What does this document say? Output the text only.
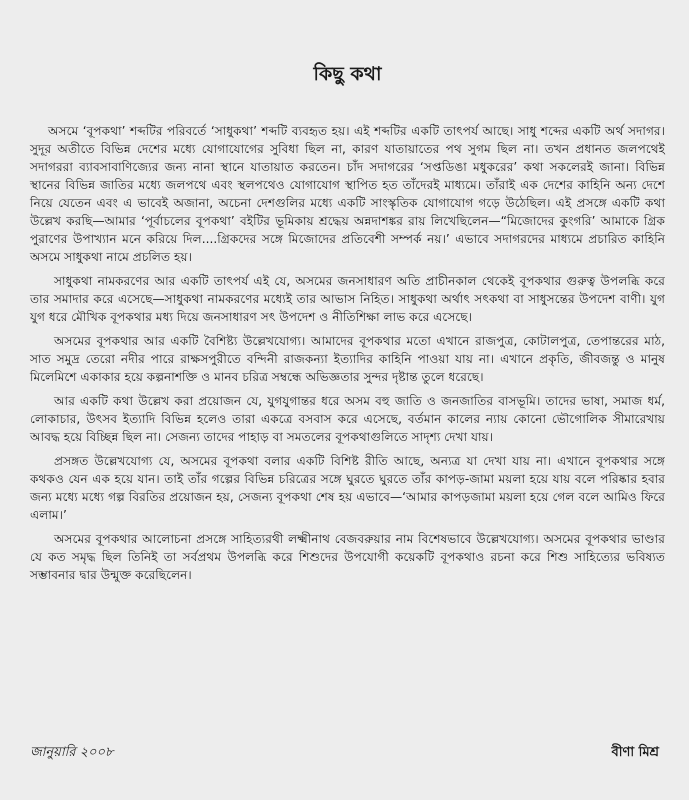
কিছু কথা

অসমে ‘বূপকথা’ শব্দটির পরিবর্তে ‘সাধুকথা’ শব্দটি ব্যবহৃত হয়। এই শব্দটির একটি তাৎপর্য আছে। সাধু শব্দের একটি অর্থ সদাগর। সুদূর অতীতে বিভিন্ন দেশের মধ্যে যোগাযোগের সুবিধা ছিল না, কারণ যাতায়াতের পথ সুগম ছিল না। তখন প্রধানত জলপথেই সদাগররা ব্যাবসাবাণিজ্যের জন্য নানা স্থানে যাতায়াত করতেন। চাঁদ সদাগরের ‘সপ্তডিঙা মধুকরের’ কথা সকলেরই জানা। বিভিন্ন স্থানের বিভিন্ন জাতির মধ্যে জলপথে এবং স্থলপথেও যোগাযোগ স্থাপিত হত তাঁদেরই মাধ্যমে। তাঁরাই এক দেশের কাহিনি অন্য দেশে নিয়ে যেতেন এবং এ ভাবেই অজানা, অচেনা দেশগুলির মধ্যে একটি সাংস্কৃতিক যোগাযোগ গড়ে উঠেছিল। এই প্রসঙ্গে একটি কথা উল্লেখ করছি—আমার ‘পূর্বাচলের বূপকথা’ বইটির ভূমিকায় শ্রদ্ধেয় অন্নদাশঙ্কর রায় লিখেছিলেন—“মিজোদের কুংগরি’ আমাকে গ্রিক পুরাণের উপাখ্যান মনে করিয়ে দিল....গ্রিকদের সঙ্গে মিজোদের প্রতিবেশী সম্পর্ক নয়।’ এভাবে সদাগরদের মাধ্যমে প্রচারিত কাহিনি অসমে সাধুকথা নামে প্রচলিত হয়।

সাধুকথা নামকরণের আর একটি তাৎপর্য এই যে, অসমের জনসাধারণ অতি প্রাচীনকাল থেকেই বূপকথার গুরুত্ব উপলব্ধি করে তার সমাদার করে এসেছে—সাধুকথা নামকরণের মধ্যেই তার আভাস নিহিত। সাধুকথা অর্থাৎ সৎকথা বা সাধুসন্তের উপদেশ বাণী। যুগ যুগ ধরে মৌখিক বূপকথার মধ্য দিয়ে জনসাধারণ সৎ উপদেশ ও নীতিশিক্ষা লাভ করে এসেছে।

অসমের বূপকথার আর একটি বৈশিষ্ট্য উল্লেখযোগ্য। আমাদের বূপকথার মতো এখানে রাজপুত্র, কোটালপুত্র, তেপান্তরের মাঠ, সাত সমুদ্র তেরো নদীর পারে রাক্ষসপুরীতে বন্দিনী রাজকন্যা ইত্যাদির কাহিনি পাওয়া যায় না। এখানে প্রকৃতি, জীবজন্তু ও মানুষ মিলেমিশে একাকার হয়ে কল্পনাশক্তি ও মানব চরিত্র সম্বন্ধে অভিজ্ঞতার সুন্দর দৃষ্টান্ত তুলে ধরেছে।

আর একটি কথা উল্লেখ করা প্রয়োজন যে, যুগযুগান্তর ধরে অসম বহু জাতি ও জনজাতির বাসভূমি। তাদের ভাষা, সমাজ ধর্ম, লোকাচার, উৎসব ইত্যাদি বিভিন্ন হলেও তারা একত্রে বসবাস করে এসেছে, বর্তমান কালের ন্যায় কোনো ভৌগোলিক সীমারেখায় আবদ্ধ হয়ে বিচ্ছিন্ন ছিল না। সেজন্য তাদের পাহাড় বা সমতলের বূপকথাগুলিতে সাদৃশ্য দেখা যায়।

প্রসঙ্গত উল্লেখযোগ্য যে, অসমের বূপকথা বলার একটি বিশিষ্ট রীতি আছে, অন্যত্র যা দেখা যায় না। এখানে বূপকথার সঙ্গে কথকও যেন এক হয়ে যান। তাই তাঁর গল্পের বিভিন্ন চরিত্রের সঙ্গে ঘুরতে ঘুরতে তাঁর কাপড়-জামা ময়লা হয়ে যায় বলে পরিষ্কার হবার জন্য মধ্যে মধ্যে গল্প বিরতির প্রয়োজন হয়, সেজন্য বূপকথা শেষ হয় এভাবে—‘আমার কাপড়জামা ময়লা হয়ে গেল বলে আমিও ফিরে এলাম।’

অসমের বূপকথার আলোচনা প্রসঙ্গে সাহিত্যরথী লক্ষ্মীনাথ বেজবরুয়ার নাম বিশেষভাবে উল্লেখযোগ্য। অসমের বূপকথার ভাণ্ডার যে কত সমৃদ্ধ ছিল তিনিই তা সর্বপ্রথম উপলব্ধি করে শিশুদের উপযোগী কয়েকটি বূপকথাও রচনা করে শিশু সাহিত্যের ভবিষ্যত সম্ভাবনার দ্বার উন্মুক্ত করেছিলেন।

জানুয়ারি ২০০৮	বীণা মিশ্র
